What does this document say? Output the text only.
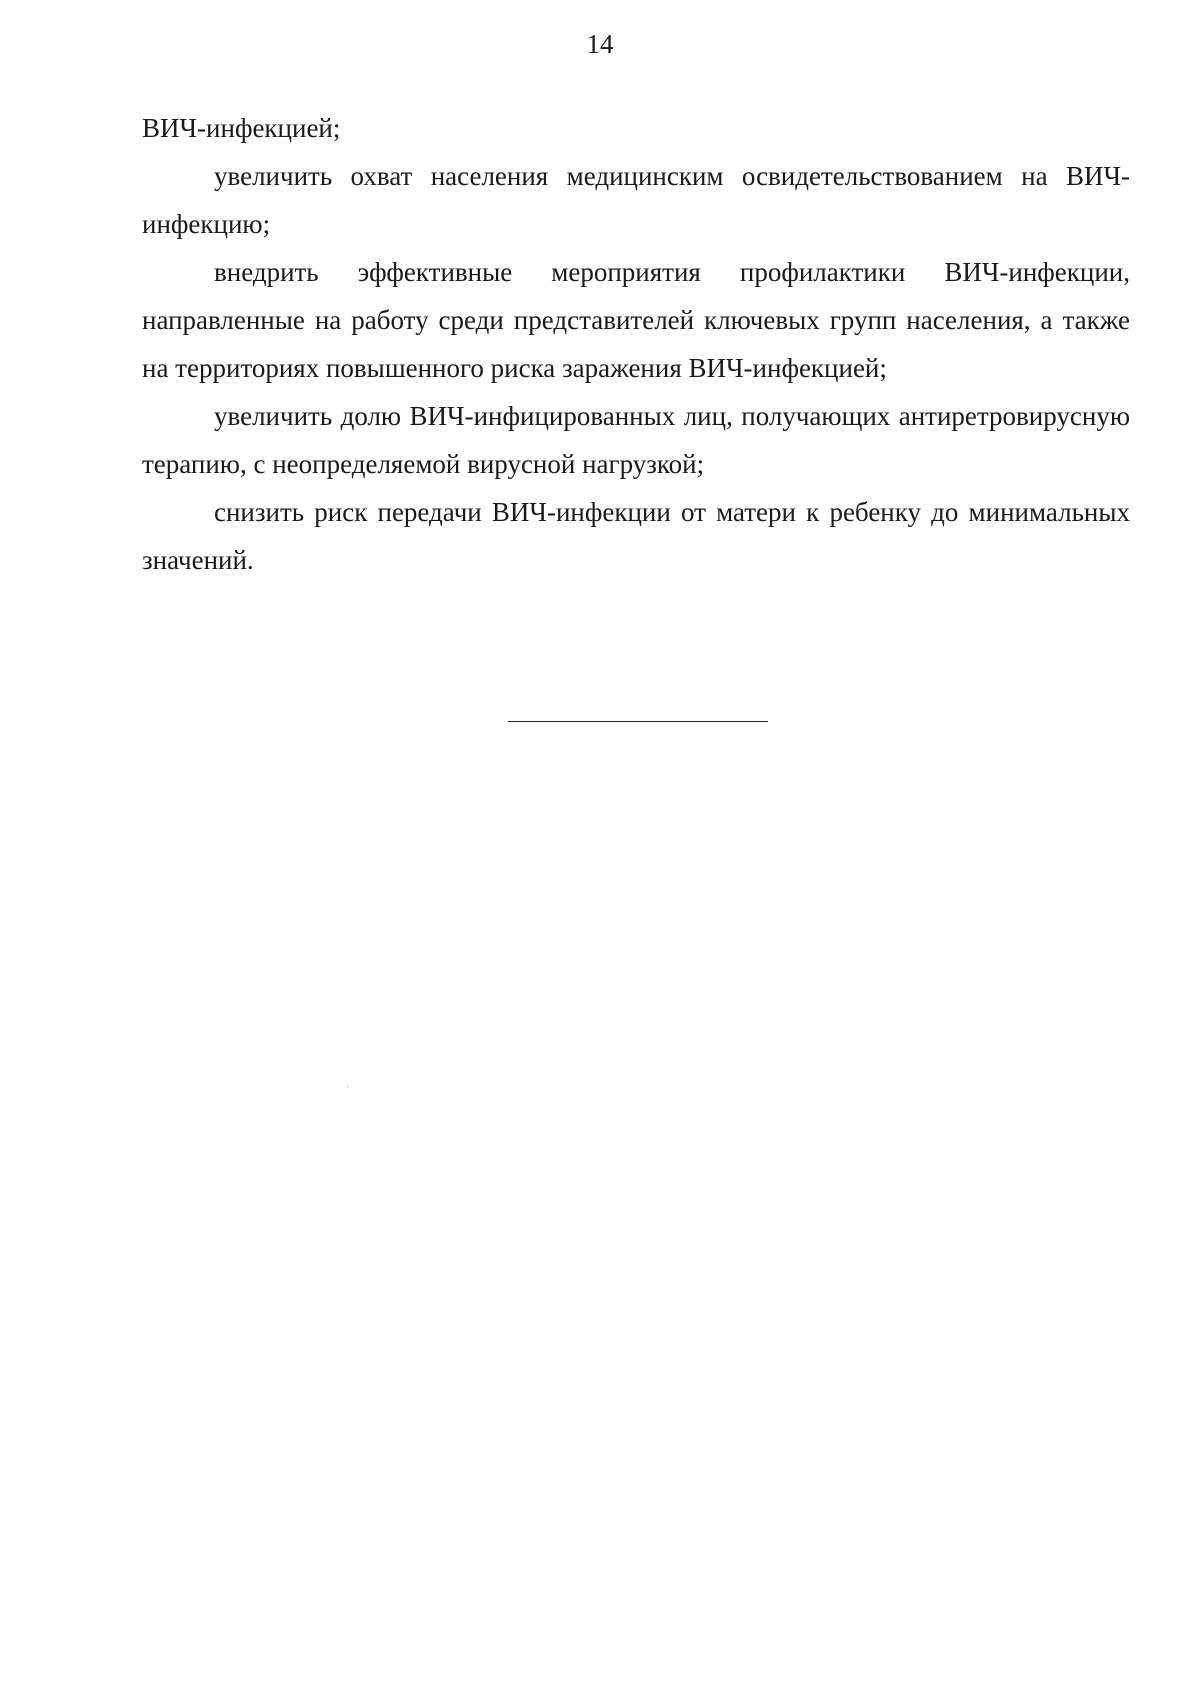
14

ВИЧ-инфекцией;

увеличить охват населения медицинским освидетельствованием на ВИЧ-инфекцию;

внедрить эффективные мероприятия профилактики ВИЧ-инфекции, направленные на работу среди представителей ключевых групп населения, а также на территориях повышенного риска заражения ВИЧ-инфекцией;

увеличить долю ВИЧ-инфицированных лиц, получающих антиретровирусную терапию, с неопределяемой вирусной нагрузкой;

снизить риск передачи ВИЧ-инфекции от матери к ребенку до минимальных значений.
